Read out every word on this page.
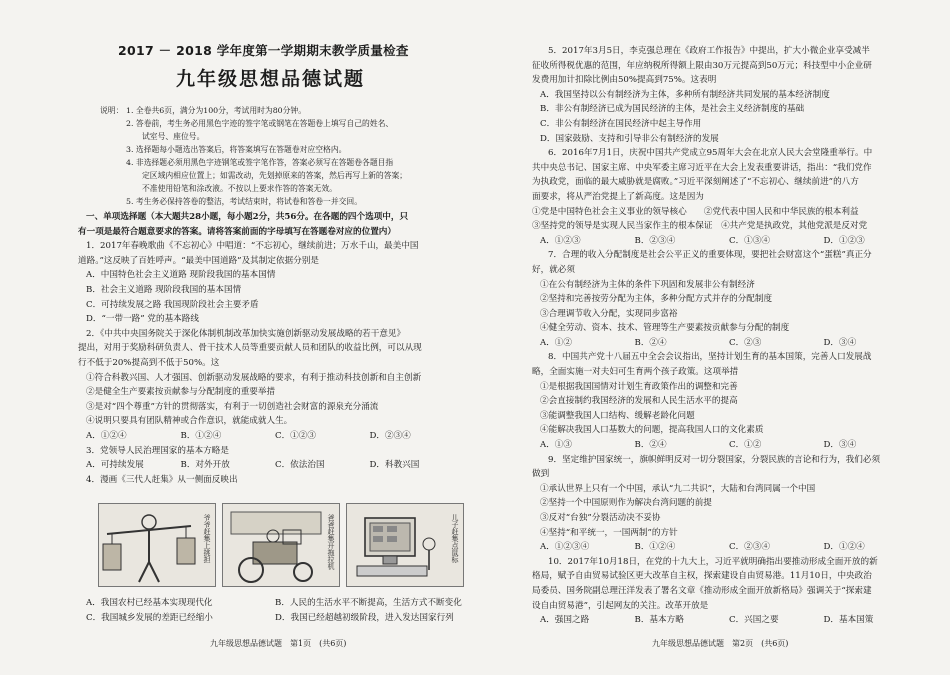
2017 － 2018 学年度第一学期期末教学质量检查
九年级思想品德试题
说明： 1. 全卷共6页，满分为100分，考试用时为80分钟。
2. 答卷前，考生务必用黑色字迹的签字笔或钢笔在答题卷上填写自己的姓名、
试室号、座位号。
3. 选择题每小题选出答案后，将答案填写在答题卷对应空格内。
4. 非选择题必须用黑色字迹钢笔或签字笔作答，答案必须写在答题卷各题目指
定区域内相应位置上；如需改动，先划掉原来的答案，然后再写上新的答案；
不准使用铅笔和涂改液。不按以上要求作答的答案无效。
5. 考生务必保持答卷的整洁，考试结束时，将试卷和答卷一并交回。
一、单项选择题（本大题共28小题，每小题2分，共56分。在各题的四个选项中，只
有一项是最符合题意要求的答案。请将答案前面的字母填写在答题卷对应的位置内）
1．2017年春晚歌曲《不忘初心》中唱道：“不忘初心，继续前进；万水千山，最美中国
道路。”这反映了百姓呼声。“最美中国道路”及其制定依据分别是
A．中国特色社会主义道路 现阶段我国的基本国情
B．社会主义道路 现阶段我国的基本国情
C．可持续发展之路 我国现阶段社会主要矛盾
D．“一带一路” 党的基本路线
2．《中共中央国务院关于深化体制机制改革加快实施创新驱动发展战略的若干意见》
提出，对用于奖励科研负责人、骨干技术人员等重要贡献人员和团队的收益比例，可以从现
行不低于20%提高到不低于50%。这
①符合科教兴国、人才强国、创新驱动发展战略的要求，有利于推动科技创新和自主创新
②是健全生产要素按贡献参与分配制度的重要举措
③是对“四个尊重”方针的贯彻落实，有利于一切创造社会财富的源泉充分涌流
④说明只要具有团队精神或合作意识，就能成就人生。
A．①②④	B．①②④	C．①②③	D．②③④
3．党领导人民治理国家的基本方略是
A．可持续发展	B．对外开放	C．依法治国	D．科教兴国
4．漫画《三代人赶集》从一侧面反映出
爷爷赶集上挑担	爸爸赶集开拖拉机	儿子赶集点鼠标
A．我国农村已经基本实现现代化	B．人民的生活水平不断提高，生活方式不断变化
C．我国城乡发展的差距已经缩小	D．我国已经超越初级阶段，进入发达国家行列
九年级思想品德试题　第1页　(共6页)
5．2017年3月5日，李克强总理在《政府工作报告》中提出，扩大小微企业享受减半
征收所得税优惠的范围，年应纳税所得额上限由30万元提高到50万元；科技型中小企业研
发费用加计扣除比例由50%提高到75%。这表明
A．我国坚持以公有制经济为主体，多种所有制经济共同发展的基本经济制度
B．非公有制经济已成为国民经济的主体，是社会主义经济制度的基础
C．非公有制经济在国民经济中起主导作用
D．国家鼓励、支持和引导非公有制经济的发展
6．2016年7月1日，庆祝中国共产党成立95周年大会在北京人民大会堂隆重举行。中
共中央总书记、国家主席、中央军委主席习近平在大会上发表重要讲话，指出：“我们党作
为执政党，面临的最大威胁就是腐败。”习近平深刻阐述了“不忘初心、继续前进”的八方
面要求，将从严治党提上了新高度。这是因为
①党是中国特色社会主义事业的领导核心　　②党代表中国人民和中华民族的根本利益
③坚持党的领导是实现人民当家作主的根本保证　④共产党是执政党，其他党派是反对党
A．①②③	B．②③④	C．①③④	D．①②③
7．合理的收入分配制度是社会公平正义的重要体现，要把社会财富这个“蛋糕”真正分
好，就必须
①在公有制经济为主体的条件下巩固和发展非公有制经济
②坚持和完善按劳分配为主体，多种分配方式并存的分配制度
③合理调节收入分配，实现同步富裕
④健全劳动、资本、技术、管理等生产要素按贡献参与分配的制度
A．①②	B．②④	C．②③	D．③④
8．中国共产党十八届五中全会会议指出，坚持计划生育的基本国策，完善人口发展战
略，全面实施一对夫妇可生育两个孩子政策。这项举措
①是根据我国国情对计划生育政策作出的调整和完善
②会直接制约我国经济的发展和人民生活水平的提高
③能调整我国人口结构、缓解老龄化问题
④能解决我国人口基数大的问题，提高我国人口的文化素质
A．①③	B．②④	C．①②	D．③④
9．坚定维护国家统一，旗帜鲜明反对一切分裂国家，分裂民族的言论和行为，我们必须
做到
①承认世界上只有一个中国，承认“九二共识”，大陆和台湾同属一个中国
②坚持一个中国原则作为解决台湾问题的前提
③反对“台独”分裂活动决不妥协
④坚持“和平统一，一国两制”的方针
A．①②③④	B．①②④	C．②③④	D．①②④
10．2017年10月18日，在党的十九大上，习近平就明确指出要推动形成全面开放的新
格局，赋予自由贸易试验区更大改革自主权，探索建设自由贸易港。11月10日，中央政治
局委员、国务院副总理汪洋发表了署名文章《推动形成全面开放新格局》强调关于“探索建
设自由贸易港”，引起网友的关注。改革开放是
A．强国之路	B．基本方略	C．兴国之要	D．基本国策
九年级思想品德试题　第2页　(共6页)
